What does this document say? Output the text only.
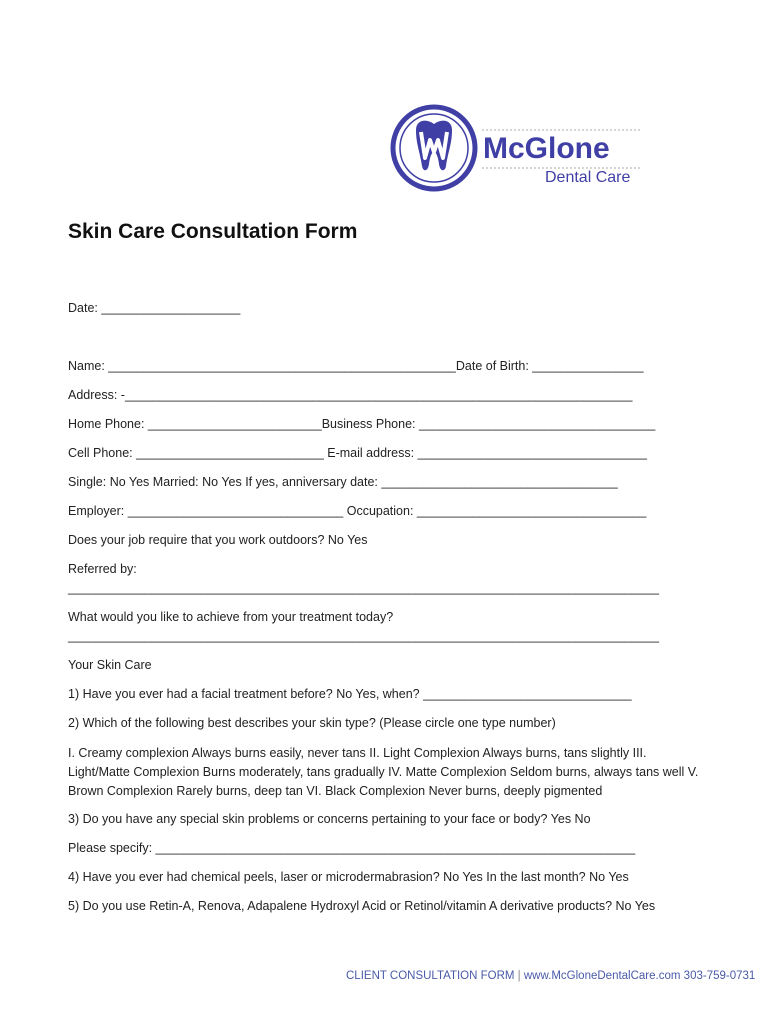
McGlone
Dental Care
Skin Care Consultation Form
Date: ____________________
Name: __________________________________________________Date of Birth: ________________
Address: -_________________________________________________________________________
Home Phone: _________________________Business Phone: __________________________________
Cell Phone: ___________________________ E-mail address: _________________________________
Single: No Yes Married: No Yes If yes, anniversary date: __________________________________
Employer: _______________________________ Occupation: _________________________________
Does your job require that you work outdoors? No Yes
Referred by:
_____________________________________________________________________________________
What would you like to achieve from your treatment today?
_____________________________________________________________________________________
Your Skin Care
1) Have you ever had a facial treatment before? No Yes, when? ______________________________
2) Which of the following best describes your skin type? (Please circle one type number)
I. Creamy complexion Always burns easily, never tans II. Light Complexion Always burns, tans slightly III. Light/Matte Complexion Burns moderately, tans gradually IV. Matte Complexion Seldom burns, always tans well V. Brown Complexion Rarely burns, deep tan VI. Black Complexion Never burns, deeply pigmented
3) Do you have any special skin problems or concerns pertaining to your face or body? Yes No
Please specify: _____________________________________________________________________
4) Have you ever had chemical peels, laser or microdermabrasion? No Yes In the last month? No Yes
5) Do you use Retin-A, Renova, Adapalene Hydroxyl Acid or Retinol/vitamin A derivative products? No Yes
CLIENT CONSULTATION FORM | www.McGloneDentalCare.com 303-759-0731
